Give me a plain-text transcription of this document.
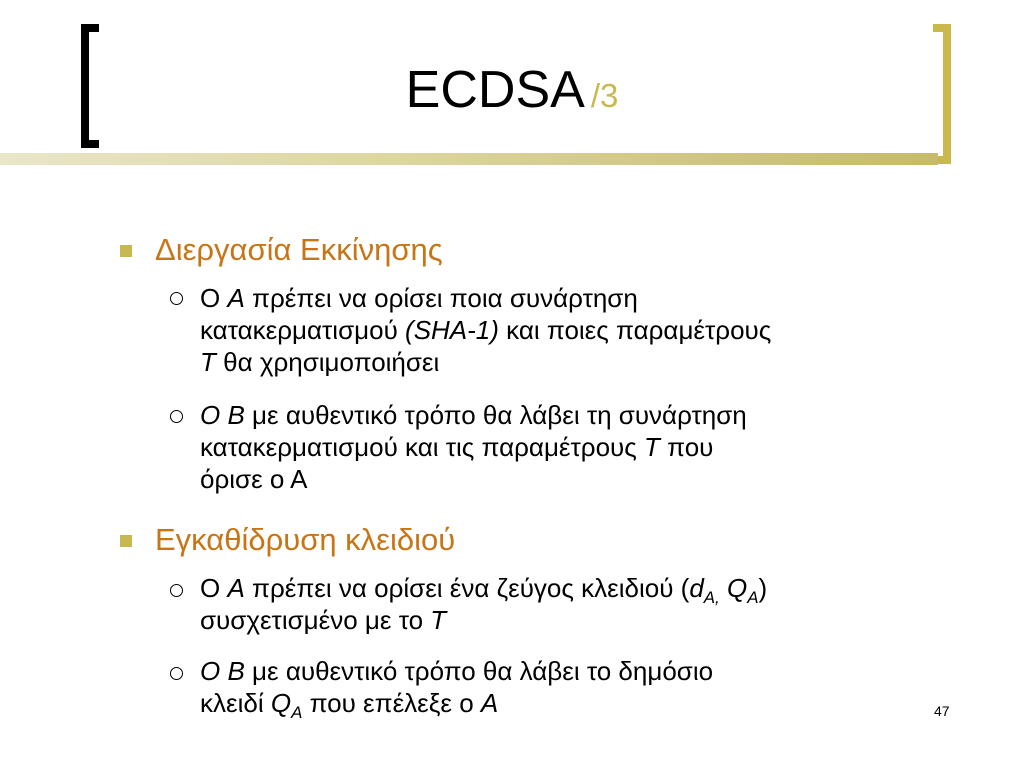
ECDSA /3
Διεργασία Εκκίνησης
Ο A πρέπει να ορίσει ποια συνάρτηση
κατακερματισμού (SHA-1) και ποιες παραμέτρους
T θα χρησιμοποιήσει
Ο B με αυθεντικό τρόπο θα λάβει τη συνάρτηση
κατακερματισμού και τις παραμέτρους T που
όρισε ο Α
Εγκαθίδρυση κλειδιού
Ο A πρέπει να ορίσει ένα ζεύγος κλειδιού ($d_{A,}$ $Q_A$)
συσχετισμένο με το T
Ο B με αυθεντικό τρόπο θα λάβει το δημόσιο
κλειδί $Q_A$ που επέλεξε ο A	47
